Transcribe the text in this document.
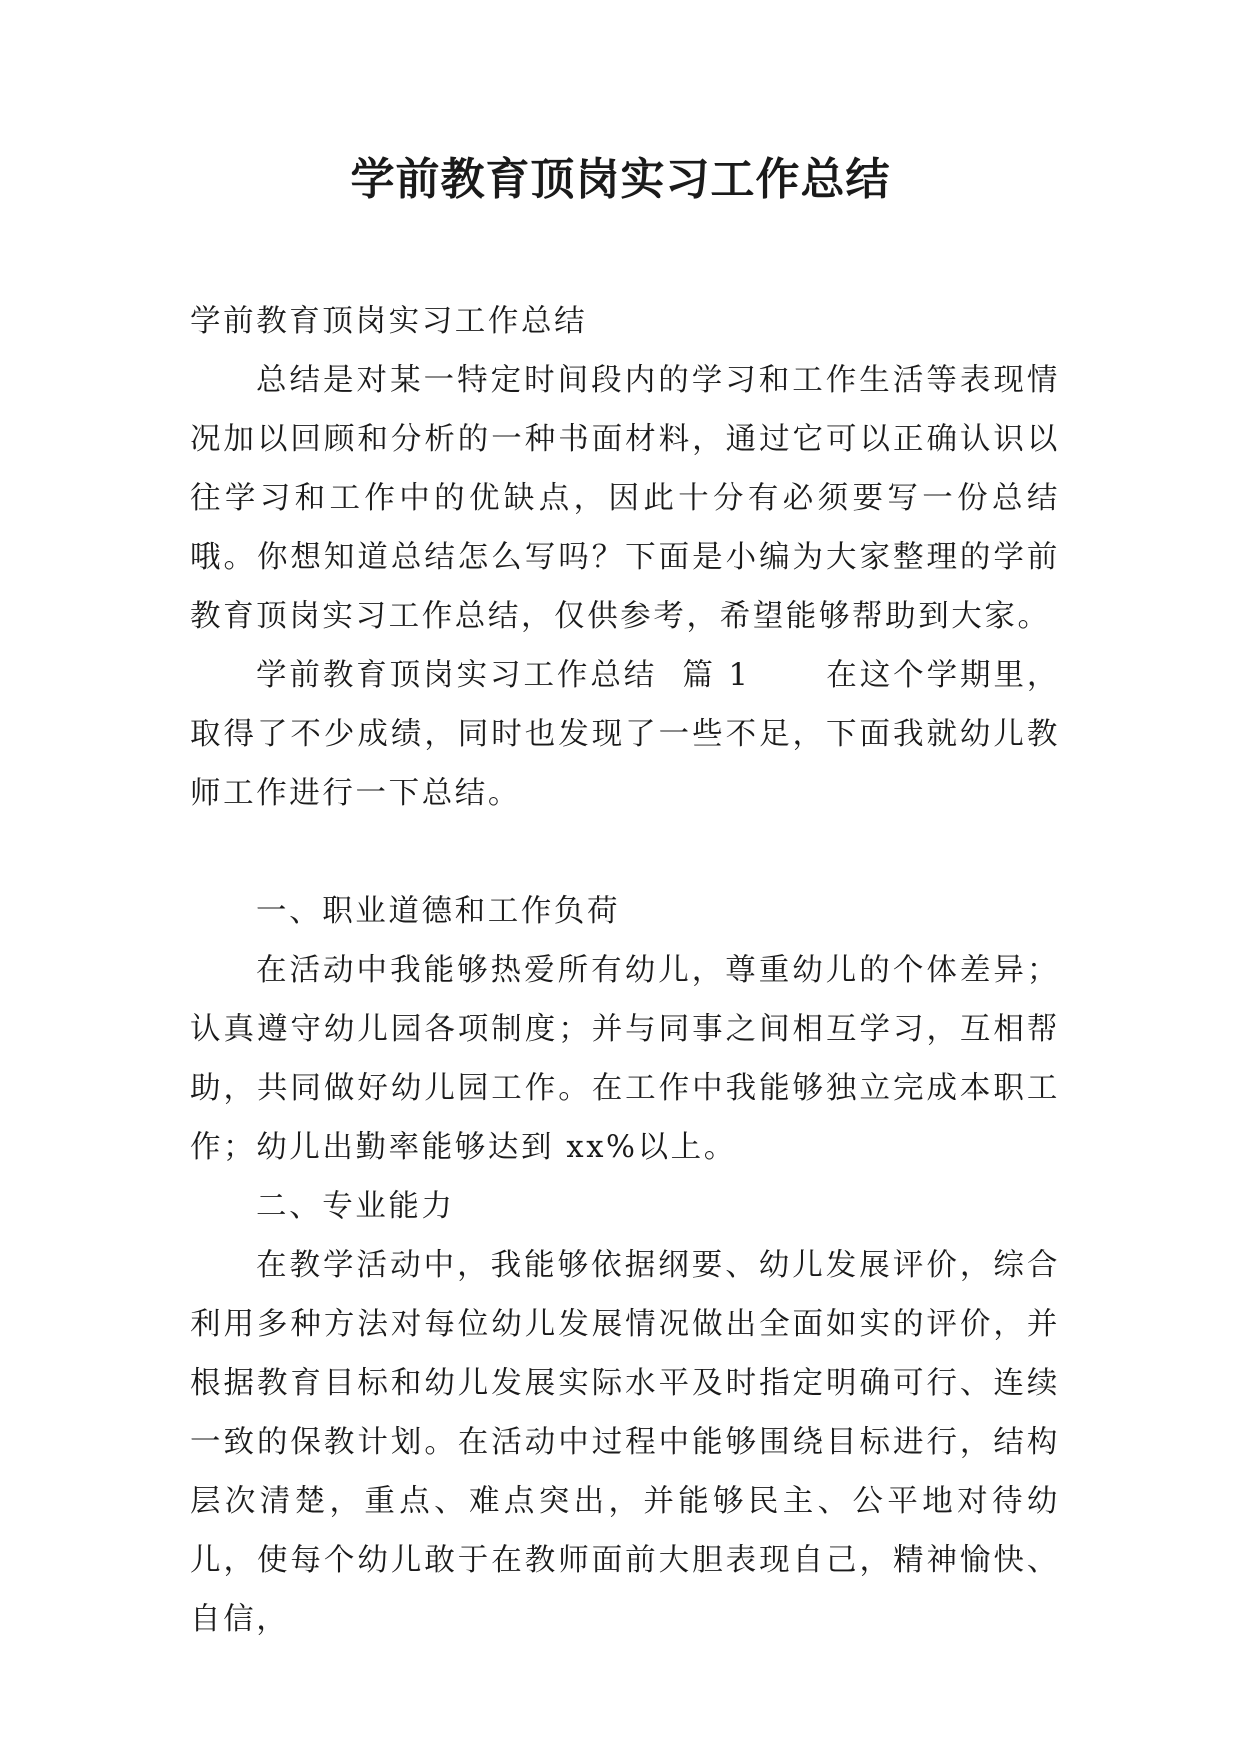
学前教育顶岗实习工作总结

学前教育顶岗实习工作总结

总结是对某一特定时间段内的学习和工作生活等表现情况加以回顾和分析的一种书面材料，通过它可以正确认识以往学习和工作中的优缺点，因此十分有必须要写一份总结哦。你想知道总结怎么写吗？下面是小编为大家整理的学前教育顶岗实习工作总结，仅供参考，希望能够帮助到大家。

学前教育顶岗实习工作总结  篇 1 在这个学期里，取得了不少成绩，同时也发现了一些不足，下面我就幼儿教师工作进行一下总结。

一、职业道德和工作负荷

在活动中我能够热爱所有幼儿，尊重幼儿的个体差异；认真遵守幼儿园各项制度；并与同事之间相互学习，互相帮助，共同做好幼儿园工作。在工作中我能够独立完成本职工作；幼儿出勤率能够达到 xx%以上。

二、专业能力

在教学活动中，我能够依据纲要、幼儿发展评价，综合利用多种方法对每位幼儿发展情况做出全面如实的评价，并根据教育目标和幼儿发展实际水平及时指定明确可行、连续一致的保教计划。在活动中过程中能够围绕目标进行，结构层次清楚，重点、难点突出，并能够民主、公平地对待幼儿，使每个幼儿敢于在教师面前大胆表现自己，精神愉快、自信，
